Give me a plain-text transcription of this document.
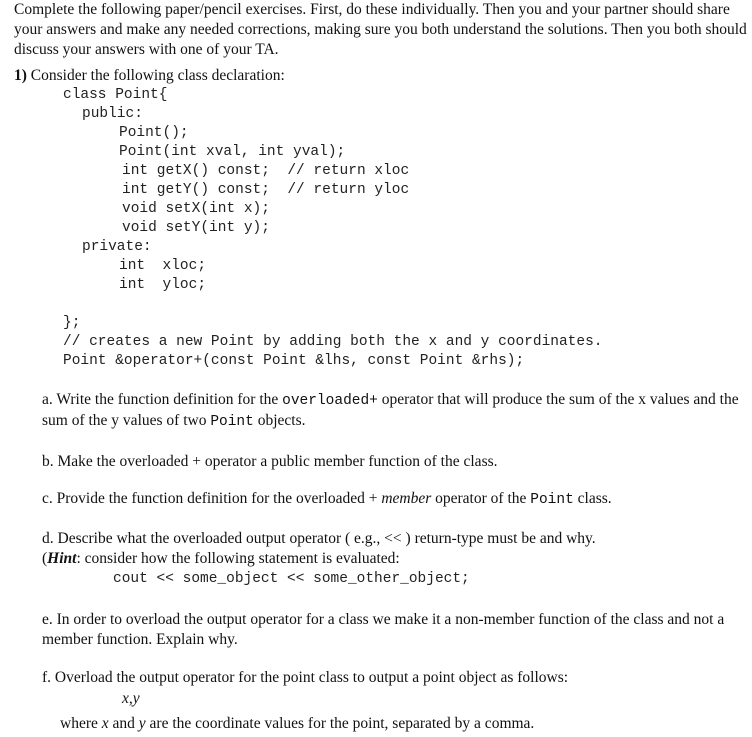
Complete the following paper/pencil exercises. First, do these individually. Then you and your partner should share your answers and make any needed corrections, making sure you both understand the solutions. Then you both should discuss your answers with one of your TA.
1) Consider the following class declaration:
class Point{
public:
Point();
Point(int xval, int yval);
int getX() const;  // return xloc
int getY() const;  // return yloc
void setX(int x);
void setY(int y);
private:
int  xloc;
int  yloc;
};
// creates a new Point by adding both the x and y coordinates.
Point &operator+(const Point &lhs, const Point &rhs);
a. Write the function definition for the overloaded+ operator that will produce the sum of the x values and the sum of the y values of two Point objects.
b. Make the overloaded + operator a public member function of the class.
c. Provide the function definition for the overloaded + member operator of the Point class.
d. Describe what the overloaded output operator ( e.g., << ) return-type must be and why.
(Hint: consider how the following statement is evaluated:
cout << some_object << some_other_object;
e. In order to overload the output operator for a class we make it a non-member function of the class and not a member function. Explain why.
f. Overload the output operator for the point class to output a point object as follows:
x,y
where x and y are the coordinate values for the point, separated by a comma.
